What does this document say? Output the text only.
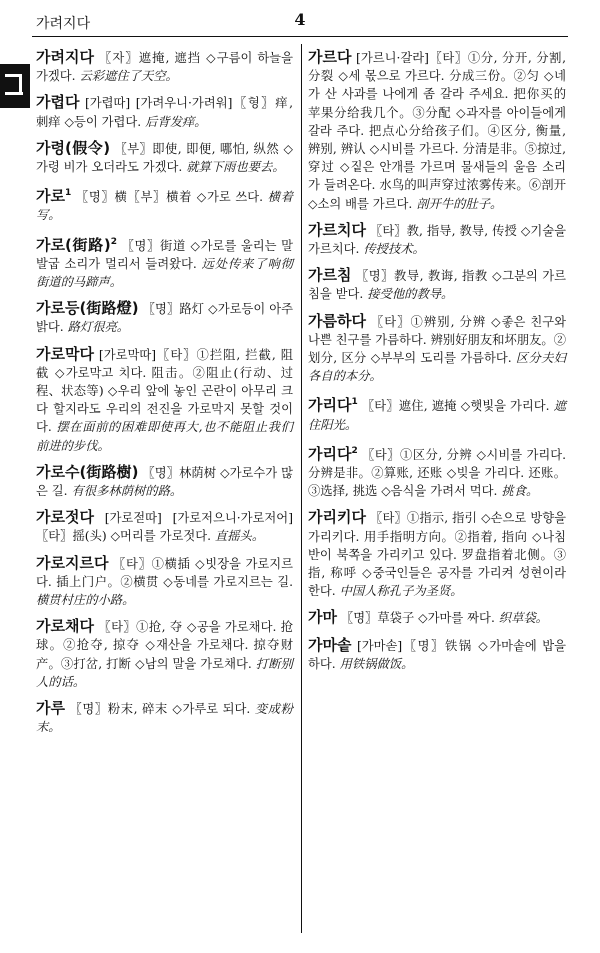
가려지다	4

가려지다 〖자〗遮掩, 遮挡 ◇구름이 하늘을 가겠다. 云彩遮住了天空。

가렵다 [가렵따] [가려우니·가려워]〖형〗痒,刺痒 ◇등이 가렵다. 后背发痒。

가령(假令) 〖부〗即使, 即便, 哪怕, 纵然 ◇가령 비가 오더라도 가겠다. 就算下雨也要去。

가로$^1$ 〖명〗横〖부〗横着 ◇가로 쓰다. 横着写。

가로(街路)$^2$ 〖명〗街道 ◇가로를 울리는 말발굽 소리가 멀리서 들려왔다. 远处传来了响彻街道的马蹄声。

가로등(街路燈) 〖명〗路灯 ◇가로등이 아주 밝다. 路灯很亮。

가로막다 [가로막따]〖타〗①拦阻, 拦截, 阻截 ◇가로막고 치다. 阻击。②阻止(行动、过程、状态等) ◇우리 앞에 놓인 곤란이 아무리 크다 할지라도 우리의 전진을 가로막지 못할 것이다. 摆在面前的困难即使再大,也不能阻止我们前进的步伐。

가로수(街路樹) 〖명〗林荫树 ◇가로수가 많은 길. 有很多林荫树的路。

가로젓다 [가로젇따] [가로저으니·가로저어]〖타〗摇(头) ◇머리를 가로젓다. 直摇头。

가로지르다 〖타〗①横插 ◇빗장을 가로지르다. 插上门户。②横贯 ◇동네를 가로지르는 길. 横贯村庄的小路。

가로채다 〖타〗①抢, 夺 ◇공을 가로채다. 抢球。②抢夺, 掠夺 ◇재산을 가로채다. 掠夺财产。③打岔, 打断 ◇남의 말을 가로채다. 打断别人的话。

가루 〖명〗粉末, 碎末 ◇가루로 되다. 变成粉末。

가르다 [가르니·갈라]〖타〗①分, 分开, 分割, 分裂 ◇세 몫으로 가르다. 分成三份。②匀 ◇네가 산 사과를 나에게 좀 갈라 주세요. 把你买的苹果分给我几个。③分配 ◇과자를 아이들에게 갈라 주다. 把点心分给孩子们。④区分, 衡量, 辨别, 辨认 ◇시비를 가르다. 分清是非。⑤掠过, 穿过 ◇짙은 안개를 가르며 물새들의 울음 소리가 들려온다. 水鸟的叫声穿过浓雾传来。⑥剖开 ◇소의 배를 가르다. 剖开牛的肚子。

가르치다 〖타〗教, 指导, 教导, 传授 ◇기술을 가르치다. 传授技术。

가르침 〖명〗教导, 教诲, 指教 ◇그분의 가르침을 받다. 接受他的教导。

가름하다 〖타〗①辨别, 分辨 ◇좋은 친구와 나쁜 친구를 가름하다. 辨别好朋友和坏朋友。②划分, 区分 ◇부부의 도리를 가름하다. 区分夫妇各自的本分。

가리다$^1$ 〖타〗遮住, 遮掩 ◇햇빛을 가리다. 遮住阳光。

가리다$^2$ 〖타〗①区分, 分辨 ◇시비를 가리다. 分辨是非。②算账, 还账 ◇빚을 가리다. 还账。③选择, 挑选 ◇음식을 가려서 먹다. 挑食。

가리키다 〖타〗①指示, 指引 ◇손으로 방향을 가리키다. 用手指明方向。②指着, 指向 ◇나침반이 북쪽을 가리키고 있다. 罗盘指着北侧。③指, 称呼 ◇중국인들은 공자를 가리켜 성현이라 한다. 中国人称孔子为圣贤。

가마 〖명〗草袋子 ◇가마를 짜다. 织草袋。

가마솥 [가마솓]〖명〗铁锅 ◇가마솥에 밥을 하다. 用铁锅做饭。
